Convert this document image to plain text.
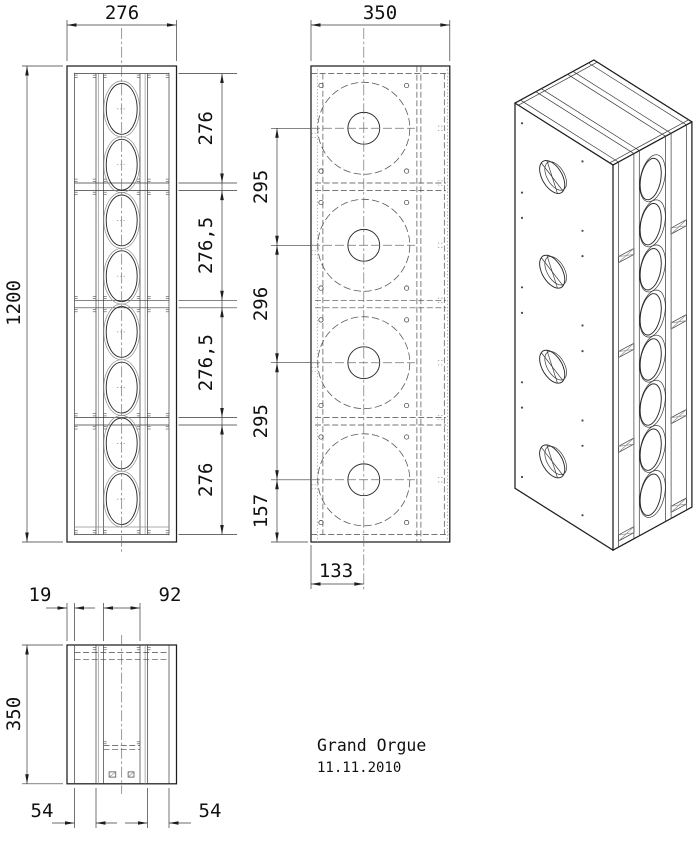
276
1200
276
276,5
276,5
276
350
295
296
295
157
133
19	92
350
54	54
Grand Orgue
11.11.2010
